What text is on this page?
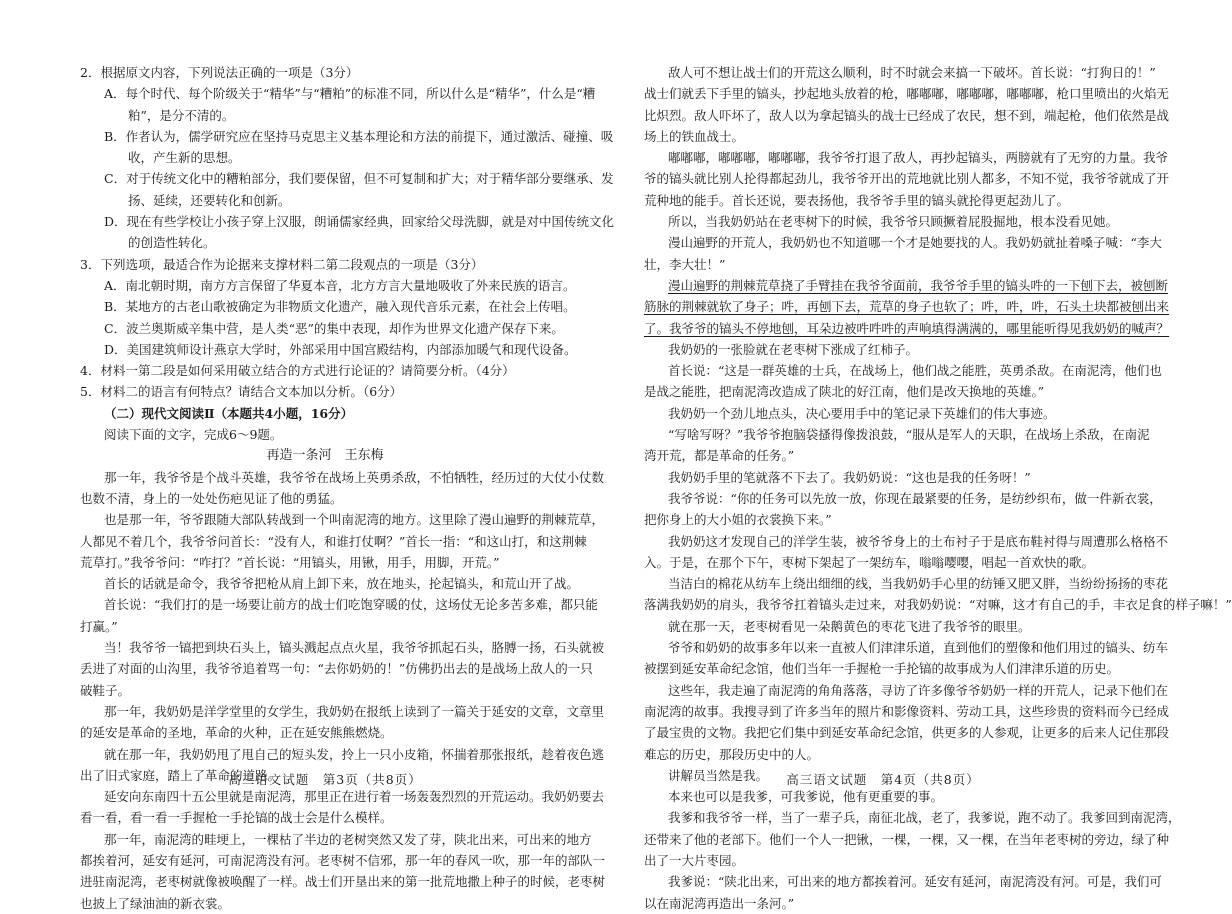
2．根据原文内容，下列说法正确的一项是（3分）

A．每个时代、每个阶级关于“精华”与“糟粕”的标准不同，所以什么是“精华”，什么是“糟

粕”，是分不清的。

B．作者认为，儒学研究应在坚持马克思主义基本理论和方法的前提下，通过激活、碰撞、吸

收，产生新的思想。

C．对于传统文化中的糟粕部分，我们要保留，但不可复制和扩大；对于精华部分要继承、发

扬、延续，还要转化和创新。

D．现在有些学校让小孩子穿上汉服，朗诵儒家经典，回家给父母洗脚，就是对中国传统文化

的创造性转化。

3．下列选项，最适合作为论据来支撑材料二第二段观点的一项是（3分）

A．南北朝时期，南方方言保留了华夏本音，北方方言大量地吸收了外来民族的语言。

B．某地方的古老山歌被确定为非物质文化遗产，融入现代音乐元素，在社会上传唱。

C．波兰奥斯威辛集中营，是人类“恶”的集中表现，却作为世界文化遗产保存下来。

D．美国建筑师设计燕京大学时，外部采用中国宫殿结构，内部添加暖气和现代设备。

4．材料一第二段是如何采用破立结合的方式进行论证的？请简要分析。（4分）

5．材料二的语言有何特点？请结合文本加以分析。（6分）

（二）现代文阅读Ⅱ（本题共4小题，16分）

阅读下面的文字，完成6～9题。

再造一条河　王东梅

那一年，我爷爷是个战斗英雄，我爷爷在战场上英勇杀敌，不怕牺牲，经历过的大仗小仗数

也数不清，身上的一处处伤疤见证了他的勇猛。

也是那一年，爷爷跟随大部队转战到一个叫南泥湾的地方。这里除了漫山遍野的荆棘荒草，

人都见不着几个，我爷爷问首长：“没有人，和谁打仗啊？”首长一指：“和这山打，和这荆棘

荒草打。”我爷爷问：“咋打？”首长说：“用镐头，用锹，用手，用脚，开荒。”

首长的话就是命令，我爷爷把枪从肩上卸下来，放在地头，抡起镐头，和荒山开了战。

首长说：“我们打的是一场要让前方的战士们吃饱穿暖的仗，这场仗无论多苦多难，都只能

打赢。”

当！我爷爷一镐把到块石头上，镐头溅起点点火星，我爷爷抓起石头，胳膊一扬，石头就被

丢进了对面的山沟里，我爷爷追着骂一句：“去你奶奶的！”仿佛扔出去的是战场上敌人的一只

破鞋子。

那一年，我奶奶是洋学堂里的女学生，我奶奶在报纸上读到了一篇关于延安的文章，文章里

的延安是革命的圣地，革命的火种，正在延安熊熊燃烧。

就在那一年，我奶奶甩了甩自己的短头发，拎上一只小皮箱，怀揣着那张报纸，趁着夜色逃

出了旧式家庭，踏上了革命的道路。

延安向东南四十五公里就是南泥湾，那里正在进行着一场轰轰烈烈的开荒运动。我奶奶要去

看一看，看一看一手握枪一手抡镐的战士会是什么模样。

那一年，南泥湾的畦埂上，一棵枯了半边的老树突然又发了芽，陕北出来，可出来的地方

都挨着河，延安有延河，可南泥湾没有河。老枣树不信邪，那一年的春风一吹，那一年的部队一

进驻南泥湾，老枣树就像被唤醒了一样。战士们开垦出来的第一批荒地撒上种子的时候，老枣树

也披上了绿油油的新衣裳。

高三语文试题　第3页（共8页）

敌人可不想让战士们的开荒这么顺利，时不时就会来搞一下破坏。首长说：“打狗日的！”

战士们就丢下手里的镐头，抄起地头放着的枪，嘟嘟嘟，嘟嘟嘟，嘟嘟嘟，枪口里喷出的火焰无

比炽烈。敌人吓坏了，敌人以为拿起镐头的战士已经成了农民，想不到，端起枪，他们依然是战

场上的铁血战士。

嘟嘟嘟，嘟嘟嘟，嘟嘟嘟，我爷爷打退了敌人，再抄起镐头，两膀就有了无穷的力量。我爷

爷的镐头就比别人抡得都起劲儿，我爷爷开出的荒地就比别人都多，不知不觉，我爷爷就成了开

荒种地的能手。首长还说，要表扬他，我爷爷手里的镐头就抡得更起劲儿了。

所以，当我奶奶站在老枣树下的时候，我爷爷只顾撅着屁股掘地，根本没看见她。

漫山遍野的开荒人，我奶奶也不知道哪一个才是她要找的人。我奶奶就扯着嗓子喊：“李大

壮，李大壮！”

漫山遍野的荆棘荒草挠了手臂挂在我爷爷面前，我爷爷手里的镐头吽的一下刨下去，被刨断

筋脉的荆棘就软了身子；吽，再刨下去，荒草的身子也软了；吽，吽，吽，石头土块都被刨出来

了。我爷爷的镐头不停地刨，耳朵边被吽吽吽的声响填得满满的，哪里能听得见我奶奶的喊声？

我奶奶的一张脸就在老枣树下涨成了红柿子。

首长说：“这是一群英雄的士兵，在战场上，他们战之能胜，英勇杀敌。在南泥湾，他们也

是战之能胜，把南泥湾改造成了陕北的好江南，他们是改天换地的英雄。”

我奶奶一个劲儿地点头，决心要用手中的笔记录下英雄们的伟大事迹。

“写啥写呀？”我爷爷抱脑袋搔得像拨浪鼓，“服从是军人的天职，在战场上杀敌，在南泥

湾开荒，都是革命的任务。”

我奶奶手里的笔就落不下去了。我奶奶说：“这也是我的任务呀！”

我爷爷说：“你的任务可以先放一放，你现在最紧要的任务，是纺纱织布，做一件新衣裳，

把你身上的大小姐的衣裳换下来。”

我奶奶这才发现自己的洋学生装，被爷爷身上的土布衬子于是底布鞋衬得与周遭那么格格不

入。于是，在那个下午，枣树下架起了一架纺车，嗡嗡嘤嘤，唱起一首欢快的歌。

当洁白的棉花从纺车上绕出细细的线，当我奶奶手心里的纺锤又肥又胖，当纷纷扬扬的枣花

落满我奶奶的肩头，我爷爷扛着镐头走过来，对我奶奶说：“对嘛，这才有自己的手，丰衣足食的样子嘛！”

就在那一天，老枣树看见一朵鹅黄色的枣花飞进了我爷爷的眼里。

爷爷和奶奶的故事多年以来一直被人们津津乐道，直到他们的塑像和他们用过的镐头、纺车

被摆到延安革命纪念馆，他们当年一手握枪一手抡镐的故事成为人们津津乐道的历史。

这些年，我走遍了南泥湾的角角落落，寻访了许多像爷爷奶奶一样的开荒人，记录下他们在

南泥湾的故事。我搜寻到了许多当年的照片和影像资料、劳动工具，这些珍贵的资料而今已经成

了最宝贵的文物。我把它们集中到延安革命纪念馆，供更多的人参观，让更多的后来人记住那段

难忘的历史，那段历史中的人。

讲解员当然是我。

本来也可以是我爹，可我爹说，他有更重要的事。

我爹和我爷爷一样，当了一辈子兵，南征北战，老了，我爹说，跑不动了。我爹回到南泥湾，

还带来了他的老部下。他们一个人一把锹，一棵，一棵，又一棵，在当年老枣树的旁边，绿了种

出了一大片枣园。

我爹说：“陕北出来，可出来的地方都挨着河。延安有延河，南泥湾没有河。可是，我们可

以在南泥湾再造出一条河。”

高三语文试题　第4页（共8页）
